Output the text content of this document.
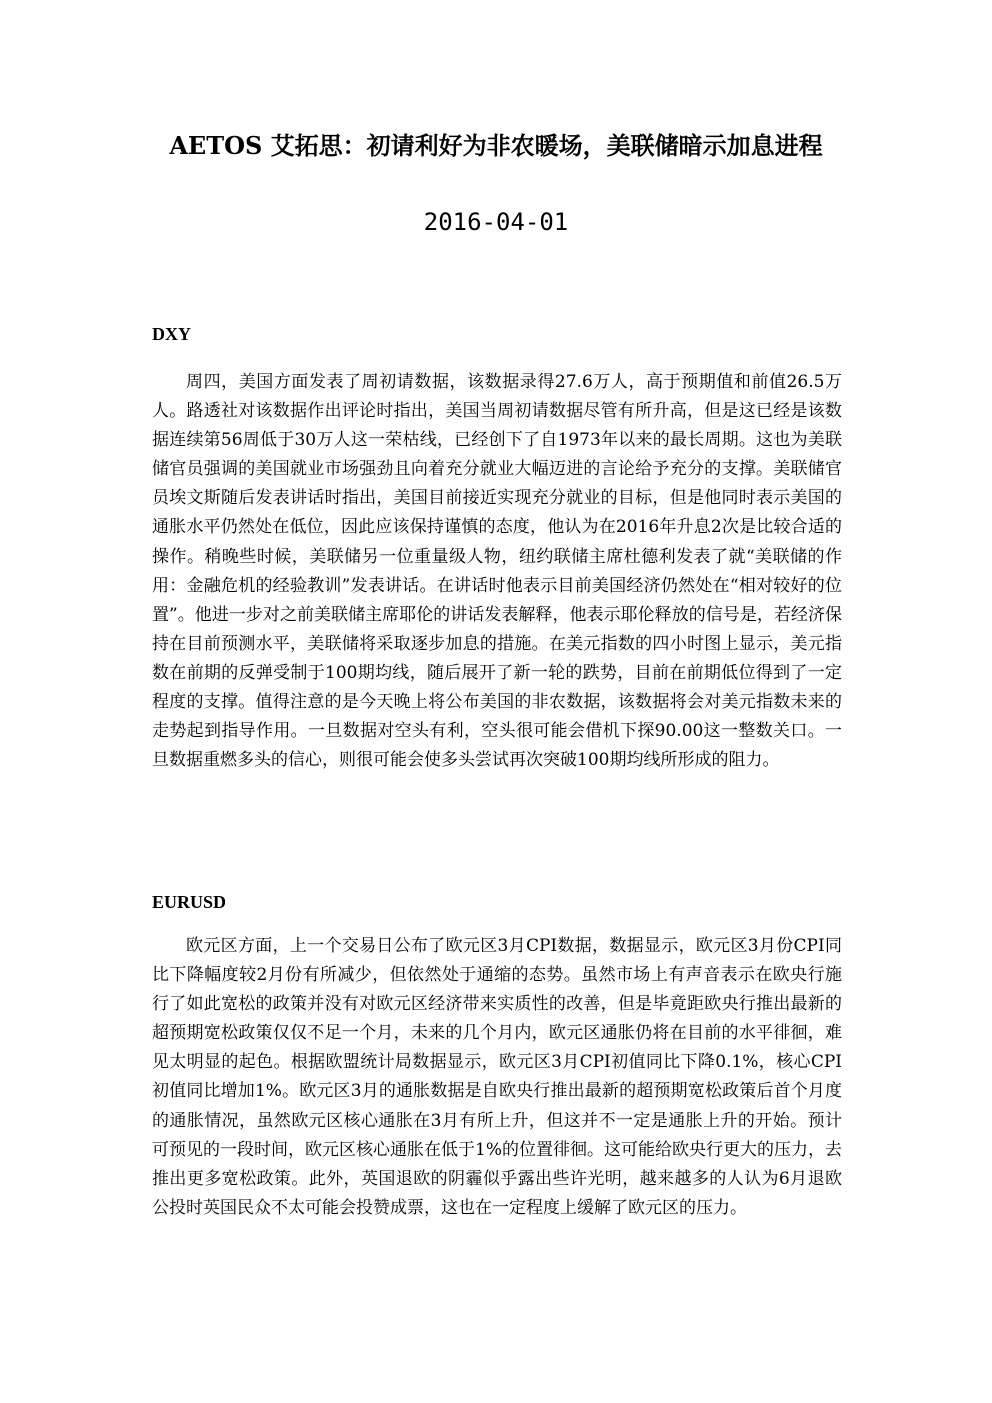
AETOS 艾拓思：初请利好为非农暖场，美联储暗示加息进程
2016-04-01
DXY

周四，美国方面发表了周初请数据，该数据录得27.6万人，高于预期值和前值26.5万人。路透社对该数据作出评论时指出，美国当周初请数据尽管有所升高，但是这已经是该数据连续第56周低于30万人这一荣枯线，已经创下了自1973年以来的最长周期。这也为美联储官员强调的美国就业市场强劲且向着充分就业大幅迈进的言论给予充分的支撑。美联储官员埃文斯随后发表讲话时指出，美国目前接近实现充分就业的目标，但是他同时表示美国的通胀水平仍然处在低位，因此应该保持谨慎的态度，他认为在2016年升息2次是比较合适的操作。稍晚些时候，美联储另一位重量级人物，纽约联储主席杜德利发表了就“美联储的作用：金融危机的经验教训”发表讲话。在讲话时他表示目前美国经济仍然处在“相对较好的位置”。他进一步对之前美联储主席耶伦的讲话发表解释，他表示耶伦释放的信号是，若经济保持在目前预测水平，美联储将采取逐步加息的措施。在美元指数的四小时图上显示，美元指数在前期的反弹受制于100期均线，随后展开了新一轮的跌势，目前在前期低位得到了一定程度的支撑。值得注意的是今天晚上将公布美国的非农数据，该数据将会对美元指数未来的走势起到指导作用。一旦数据对空头有利，空头很可能会借机下探90.00这一整数关口。一旦数据重燃多头的信心，则很可能会使多头尝试再次突破100期均线所形成的阻力。

EURUSD

欧元区方面，上一个交易日公布了欧元区3月CPI数据，数据显示，欧元区3月份CPI同比下降幅度较2月份有所减少，但依然处于通缩的态势。虽然市场上有声音表示在欧央行施行了如此宽松的政策并没有对欧元区经济带来实质性的改善，但是毕竟距欧央行推出最新的超预期宽松政策仅仅不足一个月，未来的几个月内，欧元区通胀仍将在目前的水平徘徊，难见太明显的起色。根据欧盟统计局数据显示，欧元区3月CPI初值同比下降0.1%，核心CPI初值同比增加1%。欧元区3月的通胀数据是自欧央行推出最新的超预期宽松政策后首个月度的通胀情况，虽然欧元区核心通胀在3月有所上升，但这并不一定是通胀上升的开始。预计可预见的一段时间，欧元区核心通胀在低于1%的位置徘徊。这可能给欧央行更大的压力，去推出更多宽松政策。此外，英国退欧的阴霾似乎露出些许光明，越来越多的人认为6月退欧公投时英国民众不太可能会投赞成票，这也在一定程度上缓解了欧元区的压力。
